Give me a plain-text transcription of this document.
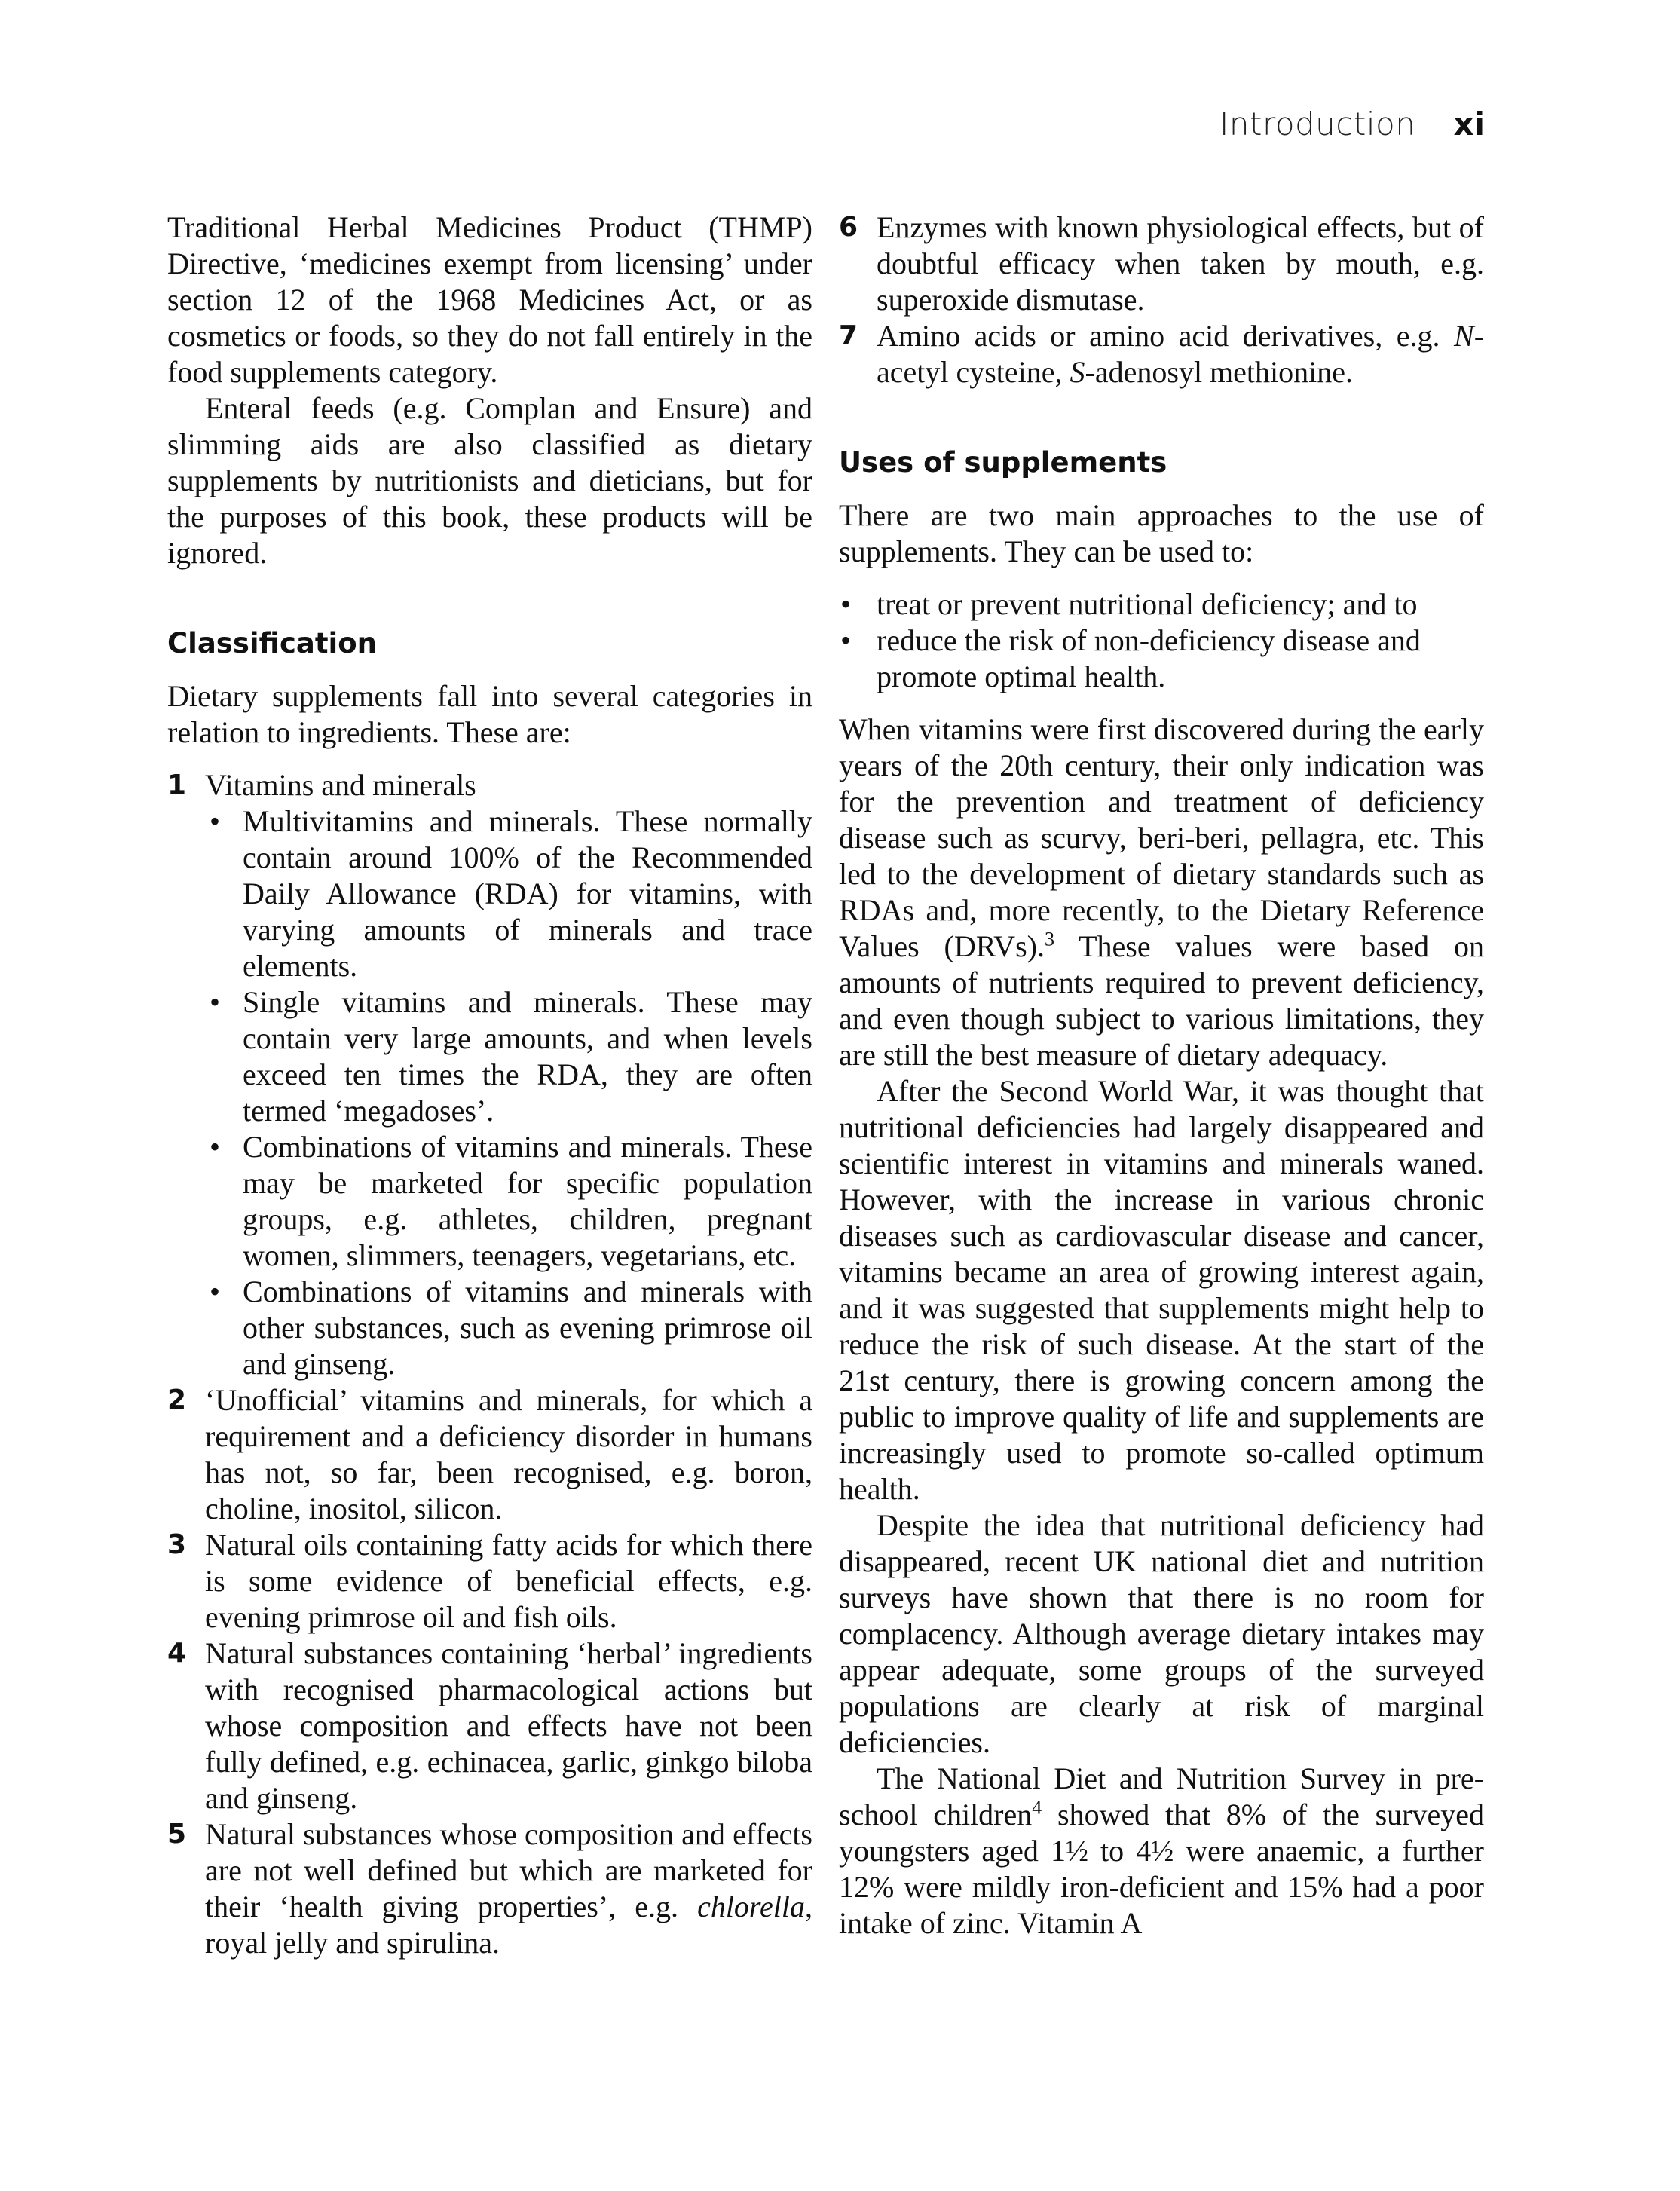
Introduction xi

Traditional Herbal Medicines Product (THMP) Directive, ‘medicines exempt from licensing’ under section 12 of the 1968 Medicines Act, or as cosmetics or foods, so they do not fall entirely in the food supplements category.

Enteral feeds (e.g. Complan and Ensure) and slimming aids are also classified as dietary supplements by nutritionists and dieticians, but for the purposes of this book, these products will be ignored.

Classification

Dietary supplements fall into several categories in relation to ingredients. These are:

1 Vitamins and minerals
• Multivitamins and minerals. These normally contain around 100% of the Recommended Daily Allowance (RDA) for vitamins, with varying amounts of minerals and trace elements.
• Single vitamins and minerals. These may contain very large amounts, and when levels exceed ten times the RDA, they are often termed ‘megadoses’.
• Combinations of vitamins and minerals. These may be marketed for specific population groups, e.g. athletes, children, pregnant women, slimmers, teenagers, vegetarians, etc.
• Combinations of vitamins and minerals with other substances, such as evening primrose oil and ginseng.
2 ‘Unofficial’ vitamins and minerals, for which a requirement and a deficiency disorder in humans has not, so far, been recognised, e.g. boron, choline, inositol, silicon.
3 Natural oils containing fatty acids for which there is some evidence of beneficial effects, e.g. evening primrose oil and fish oils.
4 Natural substances containing ‘herbal’ ingredients with recognised pharmacological actions but whose composition and effects have not been fully defined, e.g. echinacea, garlic, ginkgo biloba and ginseng.
5 Natural substances whose composition and effects are not well defined but which are marketed for their ‘health giving properties’, e.g. chlorella, royal jelly and spirulina.
6 Enzymes with known physiological effects, but of doubtful efficacy when taken by mouth, e.g. superoxide dismutase.
7 Amino acids or amino acid derivatives, e.g. N-acetyl cysteine, S-adenosyl methionine.
Uses of supplements

There are two main approaches to the use of supplements. They can be used to:

• treat or prevent nutritional deficiency; and to
• reduce the risk of non-deficiency disease and promote optimal health.

When vitamins were first discovered during the early years of the 20th century, their only indication was for the prevention and treatment of deficiency disease such as scurvy, beri-beri, pellagra, etc. This led to the development of dietary standards such as RDAs and, more recently, to the Dietary Reference Values (DRVs).$^3$ These values were based on amounts of nutrients required to prevent deficiency, and even though subject to various limitations, they are still the best measure of dietary adequacy.

After the Second World War, it was thought that nutritional deficiencies had largely disappeared and scientific interest in vitamins and minerals waned. However, with the increase in various chronic diseases such as cardiovascular disease and cancer, vitamins became an area of growing interest again, and it was suggested that supplements might help to reduce the risk of such disease. At the start of the 21st century, there is growing concern among the public to improve quality of life and supplements are increasingly used to promote so-called optimum health.

Despite the idea that nutritional deficiency had disappeared, recent UK national diet and nutrition surveys have shown that there is no room for complacency. Although average dietary intakes may appear adequate, some groups of the surveyed populations are clearly at risk of marginal deficiencies.

The National Diet and Nutrition Survey in pre-school children$^4$ showed that 8% of the surveyed youngsters aged 1½ to 4½ were anaemic, a further 12% were mildly iron-deficient and 15% had a poor intake of zinc. Vitamin A
